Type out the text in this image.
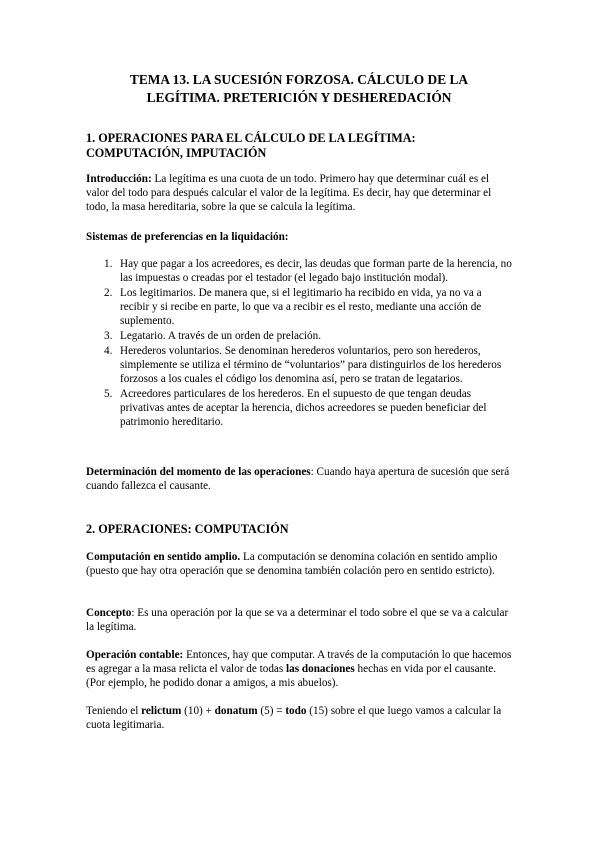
TEMA 13. LA SUCESIÓN FORZOSA. CÁLCULO DE LA
LEGÍTIMA. PRETERICIÓN Y DESHEREDACIÓN
1. OPERACIONES PARA EL CÁLCULO DE LA LEGÍTIMA:
COMPUTACIÓN, IMPUTACIÓN

Introducción: La legítima es una cuota de un todo. Primero hay que determinar cuál es el valor del todo para después calcular el valor de la legítima. Es decir, hay que determinar el todo, la masa hereditaria, sobre la que se calcula la legítima.

Sistemas de preferencias en la liquidación:

1. Hay que pagar a los acreedores, es decir, las deudas que forman parte de la herencia, no las impuestas o creadas por el testador (el legado bajo institución modal).
2. Los legitimarios. De manera que, si el legitimario ha recibido en vida, ya no va a recibir y si recibe en parte, lo que va a recibir es el resto, mediante una acción de suplemento.
3. Legatario. A través de un orden de prelación.
4. Herederos voluntarios. Se denominan herederos voluntarios, pero son herederos, simplemente se utiliza el término de “voluntarios” para distinguirlos de los herederos forzosos a los cuales el código los denomina así, pero se tratan de legatarios.
5. Acreedores particulares de los herederos. En el supuesto de que tengan deudas privativas antes de aceptar la herencia, dichos acreedores se pueden beneficiar del patrimonio hereditario.

Determinación del momento de las operaciones: Cuando haya apertura de sucesión que será cuando fallezca el causante.

2. OPERACIONES: COMPUTACIÓN

Computación en sentido amplio. La computación se denomina colación en sentido amplio (puesto que hay otra operación que se denomina también colación pero en sentido estricto).

Concepto: Es una operación por la que se va a determinar el todo sobre el que se va a calcular la legítima.

Operación contable: Entonces, hay que computar. A través de la computación lo que hacemos es agregar a la masa relicta el valor de todas las donaciones hechas en vida por el causante. (Por ejemplo, he podido donar a amigos, a mis abuelos).

Teniendo el relictum (10) + donatum (5) = todo (15) sobre el que luego vamos a calcular la cuota legitimaria.
